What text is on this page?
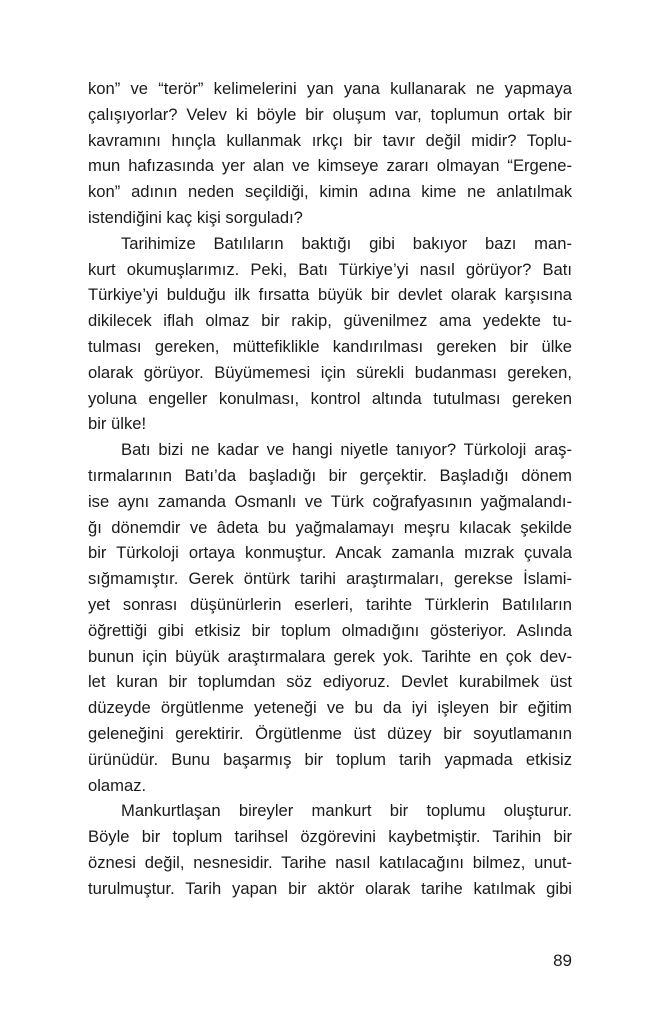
kon” ve “terör” kelimelerini yan yana kullanarak ne yapmaya
çalışıyorlar? Velev ki böyle bir oluşum var, toplumun ortak bir
kavramını hınçla kullanmak ırkçı bir tavır değil midir? Toplu-
mun hafızasında yer alan ve kimseye zararı olmayan “Ergene-
kon” adının neden seçildiği, kimin adına kime ne anlatılmak
istendiğini kaç kişi sorguladı?
Tarihimize Batılıların baktığı gibi bakıyor bazı man-
kurt okumuşlarımız. Peki, Batı Türkiye’yi nasıl görüyor? Batı
Türkiye’yi bulduğu ilk fırsatta büyük bir devlet olarak karşısına
dikilecek iflah olmaz bir rakip, güvenilmez ama yedekte tu-
tulması gereken, müttefiklikle kandırılması gereken bir ülke
olarak görüyor. Büyümemesi için sürekli budanması gereken,
yoluna engeller konulması, kontrol altında tutulması gereken
bir ülke!
Batı bizi ne kadar ve hangi niyetle tanıyor? Türkoloji araş-
tırmalarının Batı’da başladığı bir gerçektir. Başladığı dönem
ise aynı zamanda Osmanlı ve Türk coğrafyasının yağmalandı-
ğı dönemdir ve âdeta bu yağmalamayı meşru kılacak şekilde
bir Türkoloji ortaya konmuştur. Ancak zamanla mızrak çuvala
sığmamıştır. Gerek öntürk tarihi araştırmaları, gerekse İslami-
yet sonrası düşünürlerin eserleri, tarihte Türklerin Batılıların
öğrettiği gibi etkisiz bir toplum olmadığını gösteriyor. Aslında
bunun için büyük araştırmalara gerek yok. Tarihte en çok dev-
let kuran bir toplumdan söz ediyoruz. Devlet kurabilmek üst
düzeyde örgütlenme yeteneği ve bu da iyi işleyen bir eğitim
geleneğini gerektirir. Örgütlenme üst düzey bir soyutlamanın
ürünüdür. Bunu başarmış bir toplum tarih yapmada etkisiz
olamaz.
Mankurtlaşan bireyler mankurt bir toplumu oluşturur.
Böyle bir toplum tarihsel özgörevini kaybetmiştir. Tarihin bir
öznesi değil, nesnesidir. Tarihe nasıl katılacağını bilmez, unut-
turulmuştur. Tarih yapan bir aktör olarak tarihe katılmak gibi
89
